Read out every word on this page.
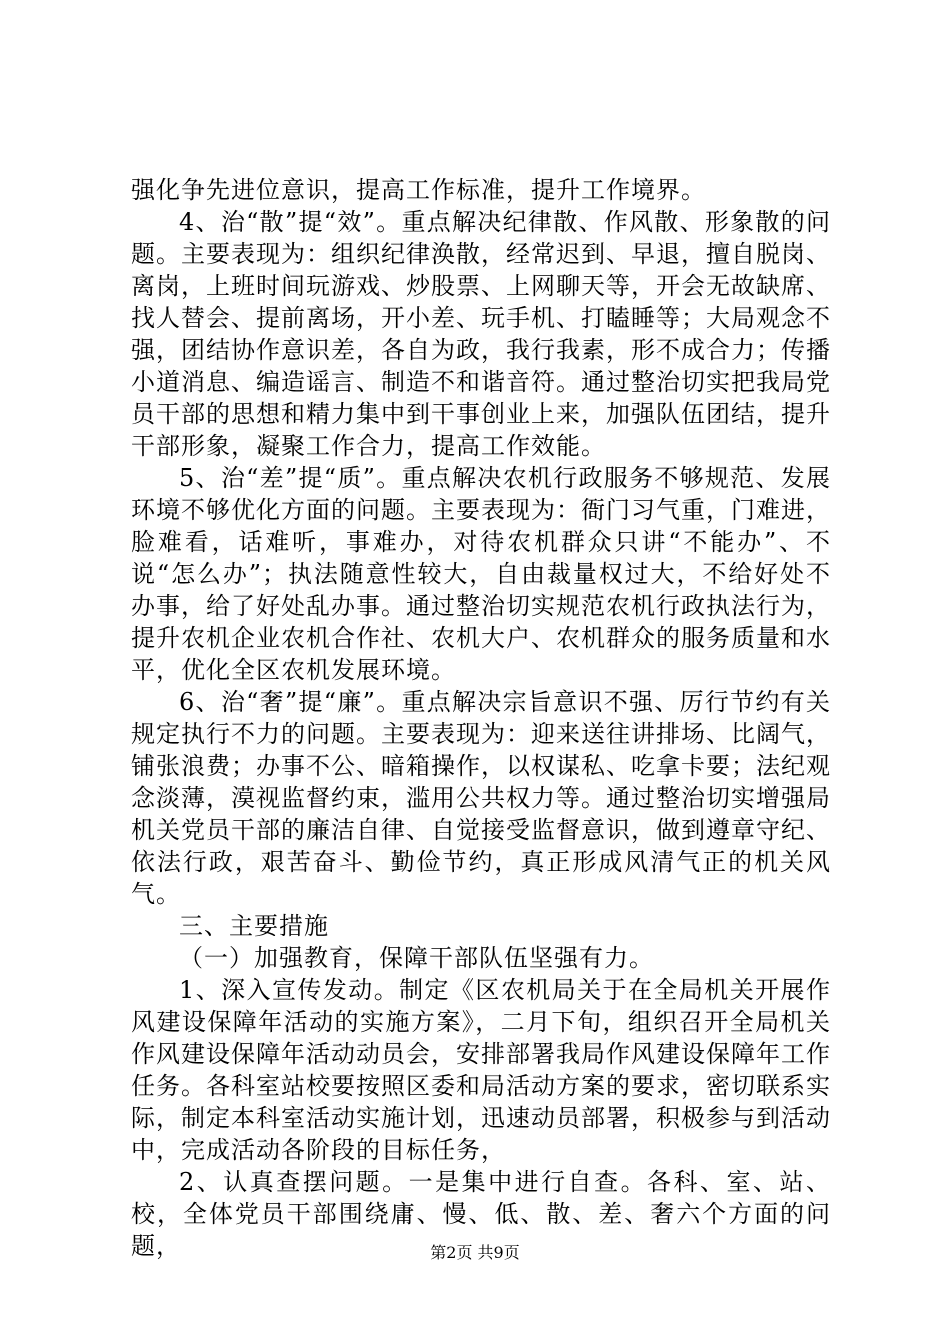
强化争先进位意识，提高工作标准，提升工作境界。

4、治“散”提“效”。重点解决纪律散、作风散、形象散的问题。主要表现为：组织纪律涣散，经常迟到、早退，擅自脱岗、离岗，上班时间玩游戏、炒股票、上网聊天等，开会无故缺席、找人替会、提前离场，开小差、玩手机、打瞌睡等；大局观念不强，团结协作意识差，各自为政，我行我素，形不成合力；传播小道消息、编造谣言、制造不和谐音符。通过整治切实把我局党员干部的思想和精力集中到干事创业上来，加强队伍团结，提升干部形象，凝聚工作合力，提高工作效能。

5、治“差”提“质”。重点解决农机行政服务不够规范、发展环境不够优化方面的问题。主要表现为：衙门习气重，门难进，脸难看，话难听，事难办，对待农机群众只讲“不能办”、不说“怎么办”；执法随意性较大，自由裁量权过大，不给好处不办事，给了好处乱办事。通过整治切实规范农机行政执法行为，提升农机企业农机合作社、农机大户、农机群众的服务质量和水平，优化全区农机发展环境。

6、治“奢”提“廉”。重点解决宗旨意识不强、厉行节约有关规定执行不力的问题。主要表现为：迎来送往讲排场、比阔气，铺张浪费；办事不公、暗箱操作，以权谋私、吃拿卡要；法纪观念淡薄，漠视监督约束，滥用公共权力等。通过整治切实增强局机关党员干部的廉洁自律、自觉接受监督意识，做到遵章守纪、依法行政，艰苦奋斗、勤俭节约，真正形成风清气正的机关风气。

三、主要措施

（一）加强教育，保障干部队伍坚强有力。

1、深入宣传发动。制定《区农机局关于在全局机关开展作风建设保障年活动的实施方案》，二月下旬，组织召开全局机关作风建设保障年活动动员会，安排部署我局作风建设保障年工作任务。各科室站校要按照区委和局活动方案的要求，密切联系实际，制定本科室活动实施计划，迅速动员部署，积极参与到活动中，完成活动各阶段的目标任务，

2、认真查摆问题。一是集中进行自查。各科、室、站、校，全体党员干部围绕庸、慢、低、散、差、奢六个方面的问题，	第2页 共9页
